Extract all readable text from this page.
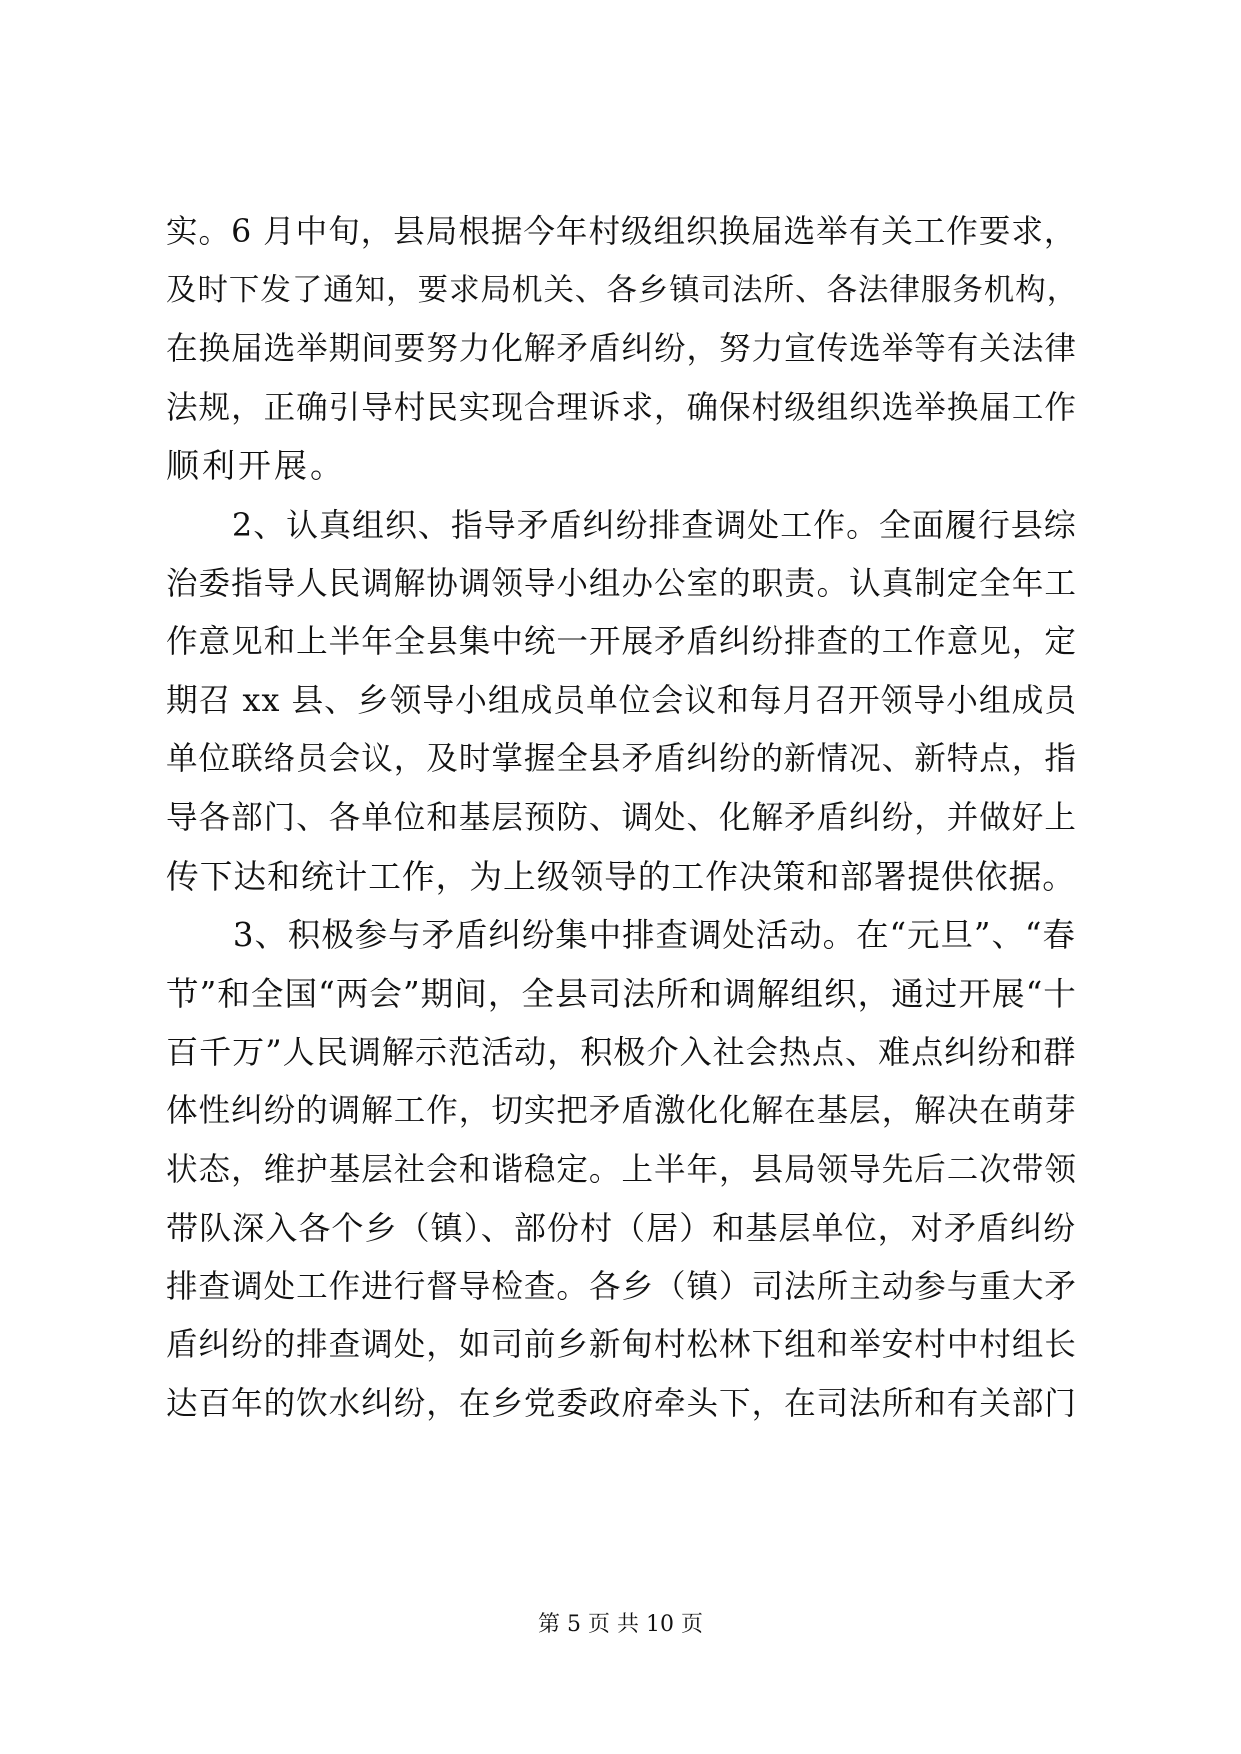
实。6 月中旬，县局根据今年村级组织换届选举有关工作要求，
及时下发了通知，要求局机关、各乡镇司法所、各法律服务机构，
在换届选举期间要努力化解矛盾纠纷，努力宣传选举等有关法律
法规，正确引导村民实现合理诉求，确保村级组织选举换届工作
顺利开展。
　　2、认真组织、指导矛盾纠纷排查调处工作。全面履行县综
治委指导人民调解协调领导小组办公室的职责。认真制定全年工
作意见和上半年全县集中统一开展矛盾纠纷排查的工作意见，定
期召 xx 县、乡领导小组成员单位会议和每月召开领导小组成员
单位联络员会议，及时掌握全县矛盾纠纷的新情况、新特点，指
导各部门、各单位和基层预防、调处、化解矛盾纠纷，并做好上
传下达和统计工作，为上级领导的工作决策和部署提供依据。
　　3、积极参与矛盾纠纷集中排查调处活动。在“元旦”、“春
节”和全国“两会”期间，全县司法所和调解组织，通过开展“十
百千万”人民调解示范活动，积极介入社会热点、难点纠纷和群
体性纠纷的调解工作，切实把矛盾激化化解在基层，解决在萌芽
状态，维护基层社会和谐稳定。上半年，县局领导先后二次带领
带队深入各个乡（镇）、部份村（居）和基层单位，对矛盾纠纷
排查调处工作进行督导检查。各乡（镇）司法所主动参与重大矛
盾纠纷的排查调处，如司前乡新甸村松林下组和举安村中村组长
达百年的饮水纠纷，在乡党委政府牵头下，在司法所和有关部门
第 5 页 共 10 页
